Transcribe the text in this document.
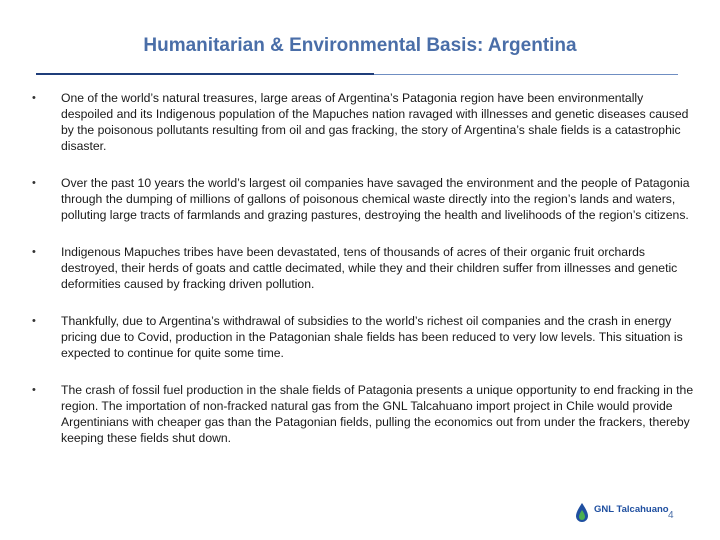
Humanitarian & Environmental Basis: Argentina
• One of the world’s natural treasures, large areas of Argentina’s Patagonia region have been environmentally despoiled and its Indigenous population of the Mapuches nation ravaged with illnesses and genetic diseases caused by the poisonous pollutants resulting from oil and gas fracking, the story of Argentina’s shale fields is a catastrophic disaster.
• Over the past 10 years the world’s largest oil companies have savaged the environment and the people of Patagonia through the dumping of millions of gallons of poisonous chemical waste directly into the region’s lands and waters, polluting large tracts of farmlands and grazing pastures, destroying the health and livelihoods of the region’s citizens.
• Indigenous Mapuches tribes have been devastated, tens of thousands of acres of their organic fruit orchards destroyed, their herds of goats and cattle decimated, while they and their children suffer from illnesses and genetic deformities caused by fracking driven pollution.
• Thankfully, due to Argentina’s withdrawal of subsidies to the world’s richest oil companies and the crash in energy pricing due to Covid, production in the Patagonian shale fields has been reduced to very low levels. This situation is expected to continue for quite some time.
• The crash of fossil fuel production in the shale fields of Patagonia presents a unique opportunity to end fracking in the region. The importation of non-fracked natural gas from the GNL Talcahuano import project in Chile would provide Argentinians with cheaper gas than the Patagonian fields, pulling the economics out from under the frackers, thereby keeping these fields shut down.
GNL Talcahuano
4
